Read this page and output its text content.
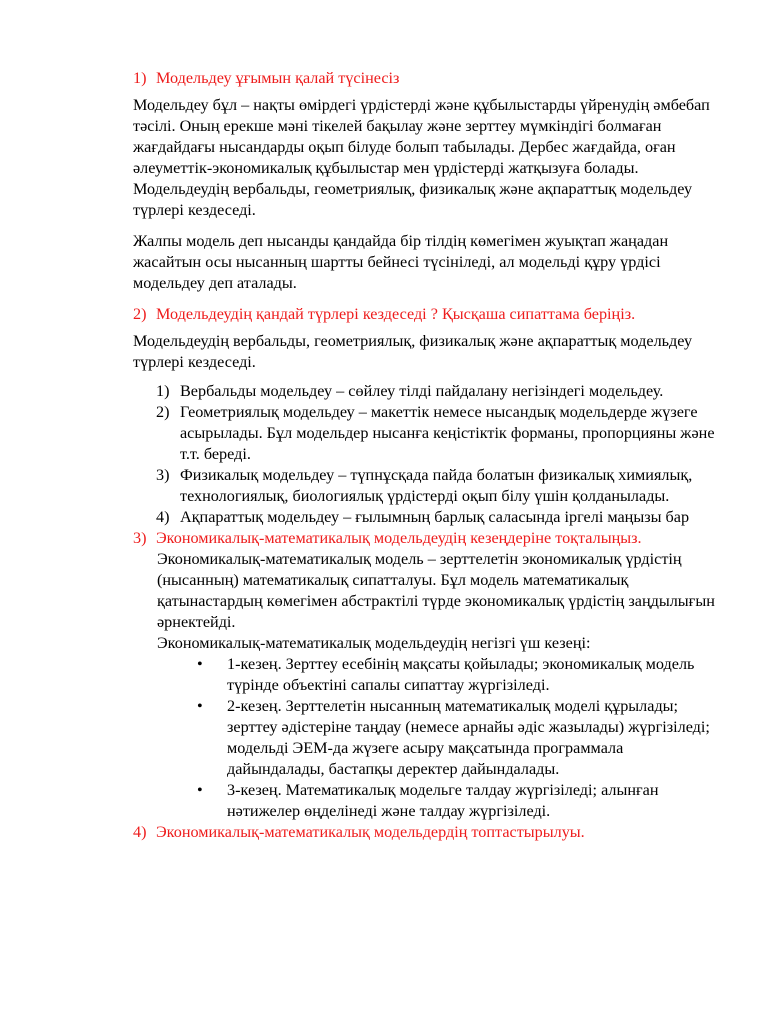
1) Модельдеу ұғымын қалай түсінесіз

Модельдеу бұл – нақты өмірдегі үрдістерді және құбылыстарды үйренудің әмбебап тәсілі. Оның ерекше мәні тікелей бақылау және зерттеу мүмкіндігі болмаған жағдайдағы нысандарды оқып білуде болып табылады. Дербес жағдайда, оған әлеуметтік-экономикалық құбылыстар мен үрдістерді жатқызуға болады. Модельдеудің вербальды, геометриялық, физикалық және ақпараттық модельдеу түрлері кездеседі.

Жалпы модель деп нысанды қандайда бір тілдің көмегімен жуықтап жаңадан жасайтын осы нысанның шартты бейнесі түсініледі, ал модельді құру үрдісі модельдеу деп аталады.

2) Модельдеудің қандай түрлері кездеседі ? Қысқаша сипаттама беріңіз.

Модельдеудің вербальды, геометриялық, физикалық және ақпараттық модельдеу түрлері кездеседі.

1) Вербальды модельдеу – сөйлеу тілді пайдалану негізіндегі модельдеу.
2) Геометриялық модельдеу – макеттік немесе нысандық модельдерде жүзеге асырылады. Бұл модельдер нысанға кеңістіктік форманы, пропорцияны және т.т. береді.
3) Физикалық модельдеу – түпнұсқада пайда болатын физикалық химиялық, технологиялық, биологиялық үрдістерді оқып білу үшін қолданылады.
4) Ақпараттық модельдеу – ғылымның барлық саласында іргелі маңызы бар
3) Экономикалық-математикалық модельдеудің кезеңдеріне тоқталыңыз.

Экономикалық-математикалық модель – зерттелетін экономикалық үрдістің (нысанның) математикалық сипатталуы. Бұл модель математикалық қатынастардың көмегімен абстрактілі түрде экономикалық үрдістің заңдылығын әрнектейді.

Экономикалық-математикалық модельдеудің негізгі үш кезеңі:

•	1-кезең. Зерттеу есебінің мақсаты қойылады; экономикалық модель түрінде объектіні сапалы сипаттау жүргізіледі.
•	2-кезең. Зерттелетін нысанның математикалық моделі құрылады; зерттеу әдістеріне таңдау (немесе арнайы әдіс жазылады) жүргізіледі; модельді ЭЕМ-да жүзеге асыру мақсатында программала дайындалады, бастапқы деректер дайындалады.
•	3-кезең. Математикалық модельге талдау жүргізіледі; алынған нәтижелер өңделінеді және талдау жүргізіледі.
4) Экономикалық-математикалық модельдердің топтастырылуы.
